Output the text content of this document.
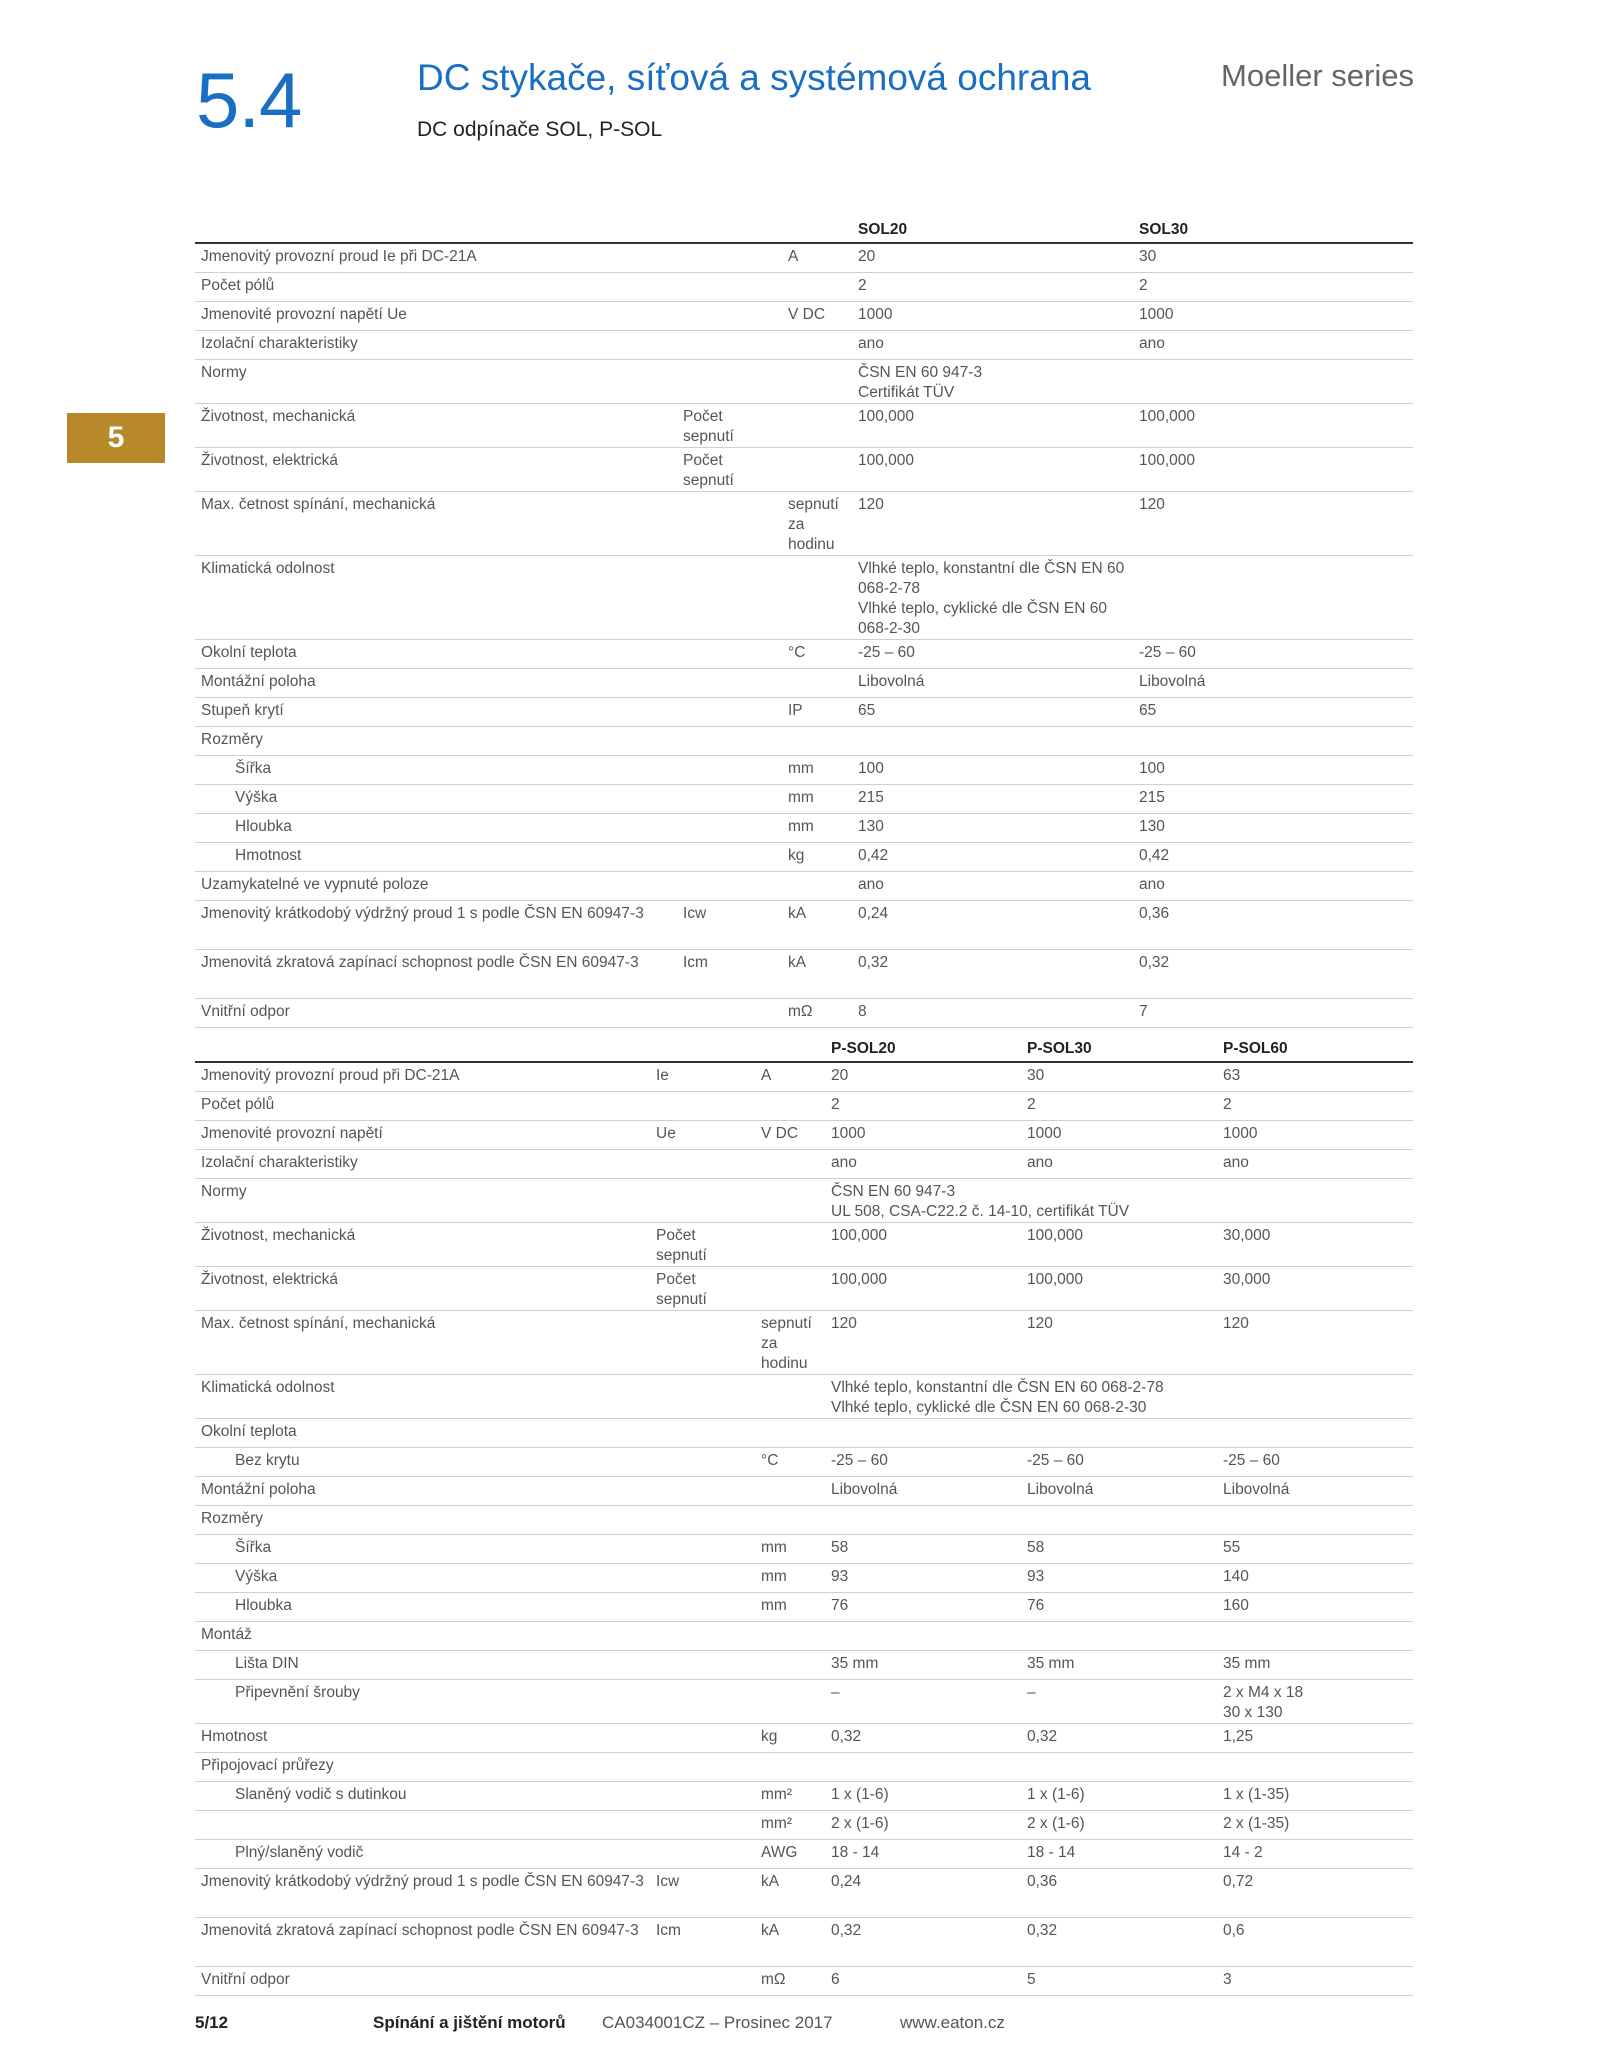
5.4	DC stykače, síťová a systémová ochrana
DC odpínače SOL, P-SOL
Moeller series
5
			SOL20	SOL30
Jmenovitý provozní proud Ie při DC-21A		A	20	30
Počet pólů			2	2
Jmenovité provozní napětí Ue		V DC	1000	1000
Izolační charakteristiky			ano	ano
Normy			ČSN EN 60 947-3
Certifikát TÜV	
Životnost, mechanická	Počet sepnutí		100,000	100,000
Životnost, elektrická	Počet sepnutí		100,000	100,000
Max. četnost spínání, mechanická		sepnutí
za
hodinu	120	120
Klimatická odolnost			Vlhké teplo, konstantní dle ČSN EN 60 068-2-78
Vlhké teplo, cyklické dle ČSN EN 60 068-2-30	
Okolní teplota		°C	-25 – 60	-25 – 60
Montážní poloha			Libovolná	Libovolná
Stupeň krytí		IP	65	65
Rozměry				
Šířka		mm	100	100
Výška		mm	215	215
Hloubka		mm	130	130
Hmotnost		kg	0,42	0,42
Uzamykatelné ve vypnuté poloze			ano	ano
Jmenovitý krátkodobý výdržný proud 1 s podle ČSN EN 60947-3	Icw	kA	0,24	0,36
Jmenovitá zkratová zapínací schopnost podle ČSN EN 60947-3	Icm	kA	0,32	0,32
Vnitřní odpor		mΩ	8	7
			P-SOL20	P-SOL30	P-SOL60
Jmenovitý provozní proud při DC-21A	Ie	A	20	30	63
Počet pólů			2	2	2
Jmenovité provozní napětí	Ue	V DC	1000	1000	1000
Izolační charakteristiky			ano	ano	ano
Normy			ČSN EN 60 947-3
UL 508, CSA-C22.2 č. 14-10, certifikát TÜV		
Životnost, mechanická	Počet sepnutí		100,000	100,000	30,000
Životnost, elektrická	Počet sepnutí		100,000	100,000	30,000
Max. četnost spínání, mechanická		sepnutí
za
hodinu	120	120	120
Klimatická odolnost			Vlhké teplo, konstantní dle ČSN EN 60 068-2-78
Vlhké teplo, cyklické dle ČSN EN 60 068-2-30		
Okolní teplota					
Bez krytu		°C	-25 – 60	-25 – 60	-25 – 60
Montážní poloha			Libovolná	Libovolná	Libovolná
Rozměry					
Šířka		mm	58	58	55
Výška		mm	93	93	140
Hloubka		mm	76	76	160
Montáž					
Lišta DIN			35 mm	35 mm	35 mm
Připevnění šrouby			–	–	2 x M4 x 18
30 x 130
Hmotnost		kg	0,32	0,32	1,25
Připojovací průřezy					
Slaněný vodič s dutinkou		mm²	1 x (1-6)	1 x (1-6)	1 x (1-35)
		mm²	2 x (1-6)	2 x (1-6)	2 x (1-35)
Plný/slaněný vodič		AWG	18 - 14	18 - 14	14 - 2
Jmenovitý krátkodobý výdržný proud 1 s podle ČSN EN 60947-3	Icw	kA	0,24	0,36	0,72
Jmenovitá zkratová zapínací schopnost podle ČSN EN 60947-3	Icm	kA	0,32	0,32	0,6
Vnitřní odpor		mΩ	6	5	3
5/12	Spínání a jištění motorů CA034001CZ – Prosinec 2017	www.eaton.cz
